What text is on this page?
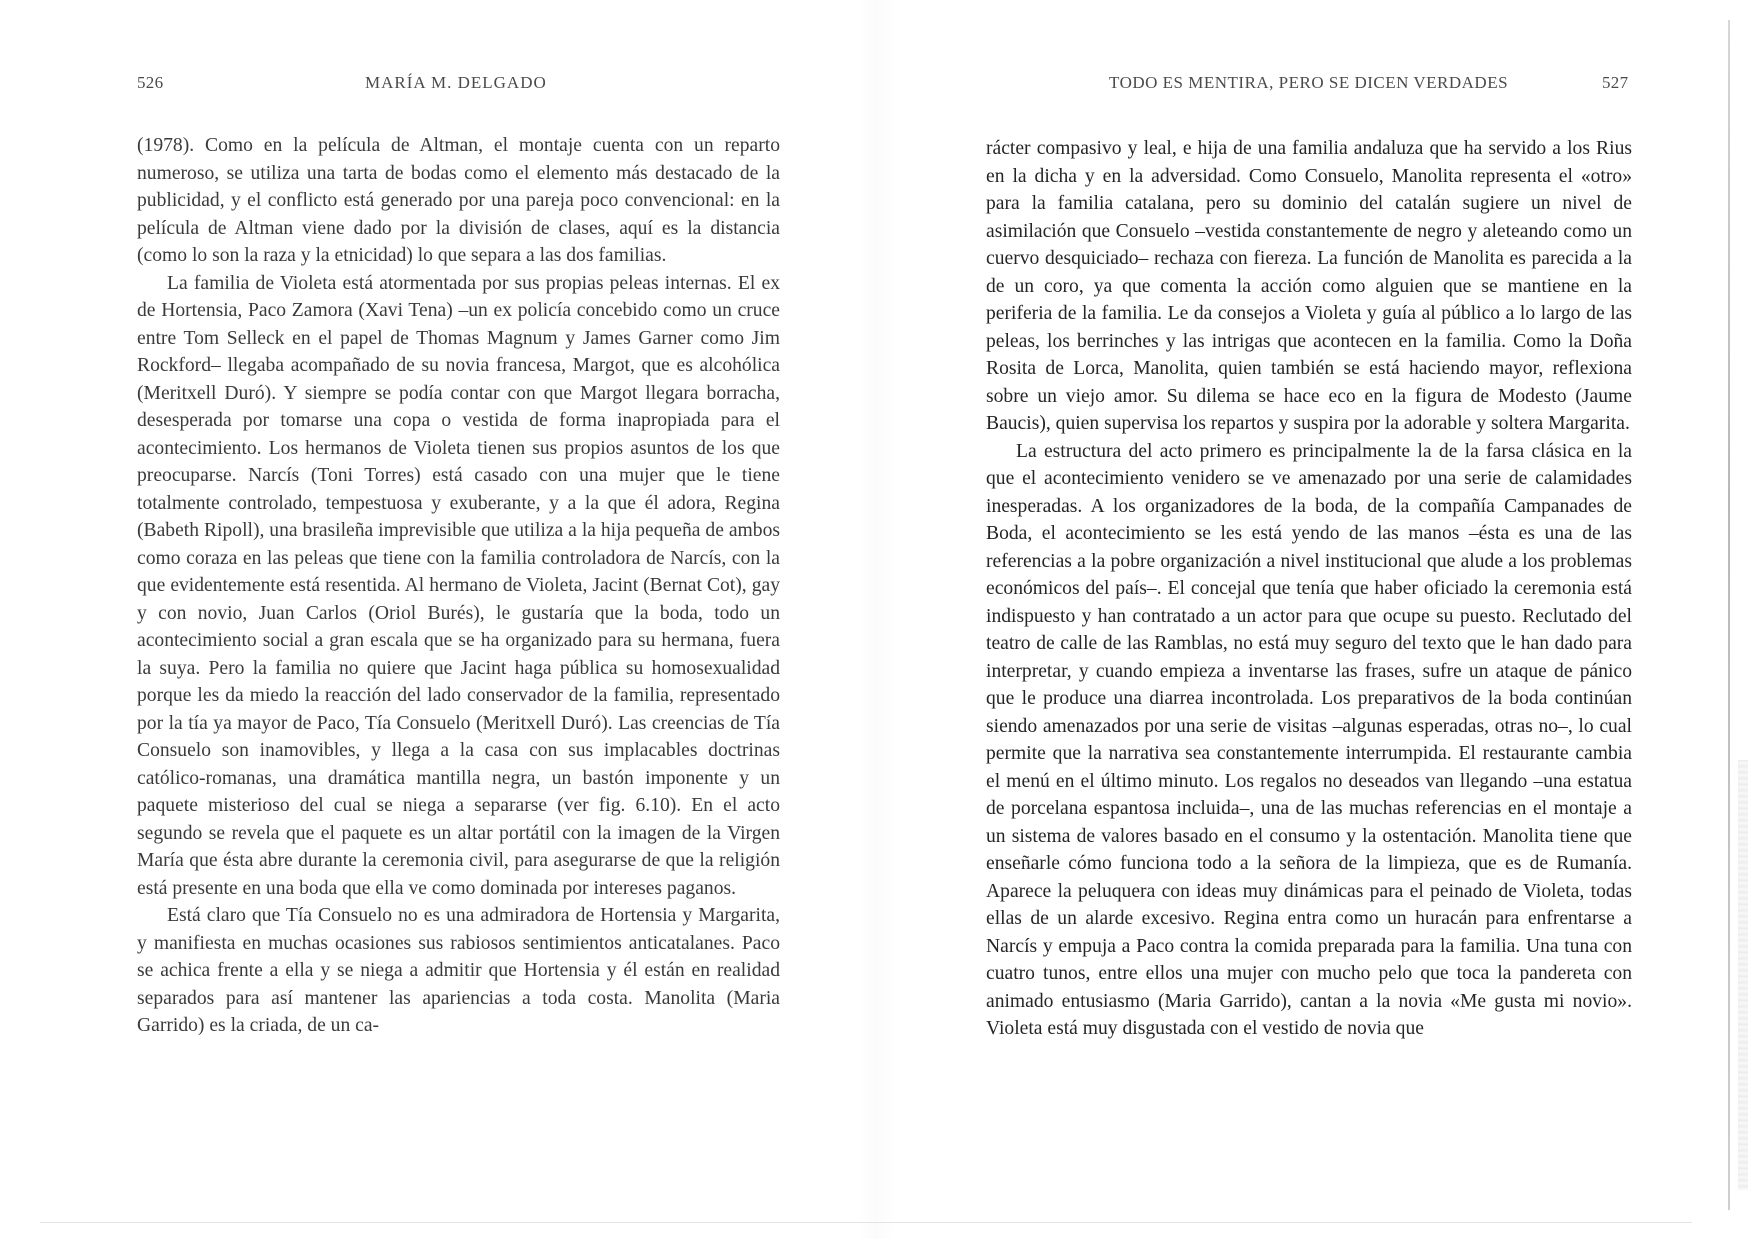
526	MARÍA M. DELGADO

(1978). Como en la película de Altman, el montaje cuenta con un reparto numeroso, se utiliza una tarta de bodas como el elemento más destacado de la publicidad, y el conflicto está generado por una pareja poco convencional: en la película de Altman viene dado por la división de clases, aquí es la distancia (como lo son la raza y la etnicidad) lo que separa a las dos familias.

La familia de Violeta está atormentada por sus propias peleas internas. El ex de Hortensia, Paco Zamora (Xavi Tena) –un ex policía concebido como un cruce entre Tom Selleck en el papel de Thomas Magnum y James Garner como Jim Rockford– llegaba acompañado de su novia francesa, Margot, que es alcohólica (Meritxell Duró). Y siempre se podía contar con que Margot llegara borracha, desesperada por tomarse una copa o vestida de forma inapropiada para el acontecimiento. Los hermanos de Violeta tienen sus propios asuntos de los que preocuparse. Narcís (Toni Torres) está casado con una mujer que le tiene totalmente controlado, tempestuosa y exuberante, y a la que él adora, Regina (Babeth Ripoll), una brasileña imprevisible que utiliza a la hija pequeña de ambos como coraza en las peleas que tiene con la familia controladora de Narcís, con la que evidentemente está resentida. Al hermano de Violeta, Jacint (Bernat Cot), gay y con novio, Juan Carlos (Oriol Burés), le gustaría que la boda, todo un acontecimiento social a gran escala que se ha organizado para su hermana, fuera la suya. Pero la familia no quiere que Jacint haga pública su homosexualidad porque les da miedo la reacción del lado conservador de la familia, representado por la tía ya mayor de Paco, Tía Consuelo (Meritxell Duró). Las creencias de Tía Consuelo son inamovibles, y llega a la casa con sus implacables doctrinas católico-romanas, una dramática mantilla negra, un bastón imponente y un paquete misterioso del cual se niega a separarse (ver fig. 6.10). En el acto segundo se revela que el paquete es un altar portátil con la imagen de la Virgen María que ésta abre durante la ceremonia civil, para asegurarse de que la religión está presente en una boda que ella ve como dominada por intereses paganos.

Está claro que Tía Consuelo no es una admiradora de Hortensia y Margarita, y manifiesta en muchas ocasiones sus rabiosos sentimientos anticatalanes. Paco se achica frente a ella y se niega a admitir que Hortensia y él están en realidad separados para así mantener las apariencias a toda costa. Manolita (Maria Garrido) es la criada, de un ca-

TODO ES MENTIRA, PERO SE DICEN VERDADES	527

rácter compasivo y leal, e hija de una familia andaluza que ha servido a los Rius en la dicha y en la adversidad. Como Consuelo, Manolita representa el «otro» para la familia catalana, pero su dominio del catalán sugiere un nivel de asimilación que Consuelo –vestida constantemente de negro y aleteando como un cuervo desquiciado– rechaza con fiereza. La función de Manolita es parecida a la de un coro, ya que comenta la acción como alguien que se mantiene en la periferia de la familia. Le da consejos a Violeta y guía al público a lo largo de las peleas, los berrinches y las intrigas que acontecen en la familia. Como la Doña Rosita de Lorca, Manolita, quien también se está haciendo mayor, reflexiona sobre un viejo amor. Su dilema se hace eco en la figura de Modesto (Jaume Baucis), quien supervisa los repartos y suspira por la adorable y soltera Margarita.

La estructura del acto primero es principalmente la de la farsa clásica en la que el acontecimiento venidero se ve amenazado por una serie de calamidades inesperadas. A los organizadores de la boda, de la compañía Campanades de Boda, el acontecimiento se les está yendo de las manos –ésta es una de las referencias a la pobre organización a nivel institucional que alude a los problemas económicos del país–. El concejal que tenía que haber oficiado la ceremonia está indispuesto y han contratado a un actor para que ocupe su puesto. Reclutado del teatro de calle de las Ramblas, no está muy seguro del texto que le han dado para interpretar, y cuando empieza a inventarse las frases, sufre un ataque de pánico que le produce una diarrea incontrolada. Los preparativos de la boda continúan siendo amenazados por una serie de visitas –algunas esperadas, otras no–, lo cual permite que la narrativa sea constantemente interrumpida. El restaurante cambia el menú en el último minuto. Los regalos no deseados van llegando –una estatua de porcelana espantosa incluida–, una de las muchas referencias en el montaje a un sistema de valores basado en el consumo y la ostentación. Manolita tiene que enseñarle cómo funciona todo a la señora de la limpieza, que es de Rumanía. Aparece la peluquera con ideas muy dinámicas para el peinado de Violeta, todas ellas de un alarde excesivo. Regina entra como un huracán para enfrentarse a Narcís y empuja a Paco contra la comida preparada para la familia. Una tuna con cuatro tunos, entre ellos una mujer con mucho pelo que toca la pandereta con animado entusiasmo (Maria Garrido), cantan a la novia «Me gusta mi novio». Violeta está muy disgustada con el vestido de novia que
